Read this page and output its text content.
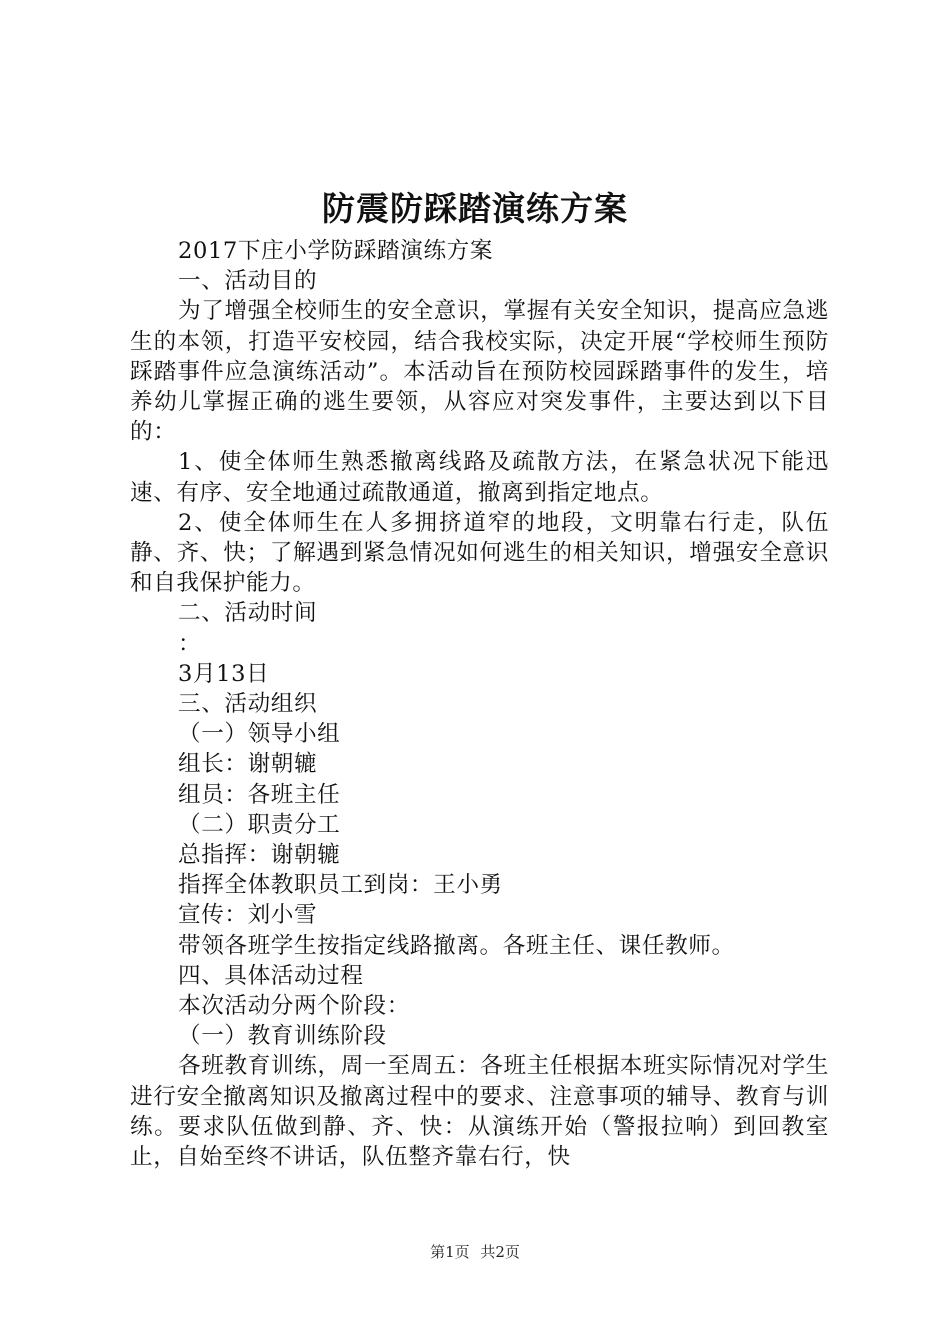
防震防踩踏演练方案

2017下庄小学防踩踏演练方案

一、活动目的

为了增强全校师生的安全意识，掌握有关安全知识，提高应急逃生的本领，打造平安校园，结合我校实际，决定开展“学校师生预防踩踏事件应急演练活动”。本活动旨在预防校园踩踏事件的发生，培养幼儿掌握正确的逃生要领，从容应对突发事件，主要达到以下目的：

1、使全体师生熟悉撤离线路及疏散方法，在紧急状况下能迅速、有序、安全地通过疏散通道，撤离到指定地点。

2、使全体师生在人多拥挤道窄的地段，文明靠右行走，队伍静、齐、快；了解遇到紧急情况如何逃生的相关知识，增强安全意识和自我保护能力。

二、活动时间

：

3月13日

三、活动组织

（一）领导小组

组长：谢朝辘

组员：各班主任

（二）职责分工

总指挥：谢朝辘

指挥全体教职员工到岗：王小勇

宣传：刘小雪

带领各班学生按指定线路撤离。各班主任、课任教师。

四、具体活动过程

本次活动分两个阶段：

（一）教育训练阶段

各班教育训练，周一至周五：各班主任根据本班实际情况对学生进行安全撤离知识及撤离过程中的要求、注意事项的辅导、教育与训练。要求队伍做到静、齐、快：从演练开始（警报拉响）到回教室止，自始至终不讲话，队伍整齐靠右行，快

第1页 共2页
